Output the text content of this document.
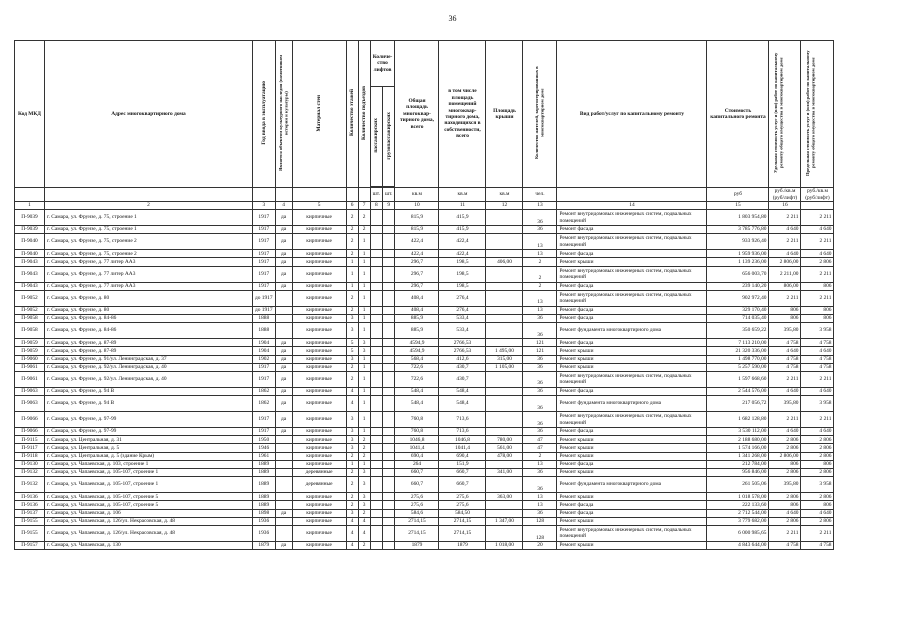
36
Код МКД	Адрес многоквартирного дома	Год ввода в эксплуатацию	Является объектом культурного наследия (памятником истории и культуры)	Материал стен	Количество этажей	Количество подъездов	Количе-ство лифтов		Общая площадь многоквар-тирного дома, всего	в том числе площадь помещений многоквар-тирного дома, находящихся в собственности, всего	Площадь крыши	Количество жителей, зарегистрированных в многоквартирном доме	Вид работ/услуг по капитальному ремонту	Стоимость капитального ремонта	Удельная стоимость услуг и (или) работ по капитальному ремонту общего имущества в многоквартирном доме	Предельная стоимость услуг и (или) работ по капитальному ремонту общего имущества в многоквартирном доме
							пассажирских	грузопассажирских								

							шт.	шт.	кв.м	кв.м	кв.м	чел.		руб	руб./кв.м (руб/лифт)	руб./кв.м (руб/лифт)
1	2	3	4	5	6	7	8	9	10	11	12	13	14	15	16	
П-9039	г. Самара, ул. Фрунзе, д. 75, строение 1	1917	да	кирпичные	2	2			815,9	415,9		36	Ремонт внутридомовых инженерных систем, подвальных помещений	1 803 954,80	2 211	2 211
П-9039	г. Самара, ул. Фрунзе, д. 75, строение 1	1917	да	кирпичные	2	2			815,9	415,9		36	Ремонт фасада	3 785 776,80	4 640	4 640
П-9040	г. Самара, ул. Фрунзе, д. 75, строение 2	1917	да	кирпичные	2	1			422,4	422,4		13	Ремонт внутридомовых инженерных систем, подвальных помещений	933 926,40	2 211	2 211
П-9040	г. Самара, ул. Фрунзе, д. 75, строение 2	1917	да	кирпичные	2	1			422,4	422,4		13	Ремонт фасада	1 959 936,00	4 640	4 640
П-9043	г. Самара, ул. Фрунзе, д. 77 литер АА3	1917	да	кирпичные	1	1			296,7	198,5	406,00	2	Ремонт крыши	1 139 236,00	2 806,00	2 806
П-9043	г. Самара, ул. Фрунзе, д. 77 литер АА3	1917	да	кирпичные	1	1			296,7	198,5		2	Ремонт внутридомовых инженерных систем, подвальных помещений	656 003,70	2 211,00	2 211
П-9043	г. Самара, ул. Фрунзе, д. 77 литер АА3	1917	да	кирпичные	1	1			296,7	198,5		2	Ремонт фасада	239 140,20	806,00	806
П-9052	г. Самара, ул. Фрунзе, д. 80	до 1917		кирпичные	2	1			408,4	276,4		13	Ремонт внутридомовых инженерных систем, подвальных помещений	902 972,40	2 211	2 211
П-9052	г. Самара, ул. Фрунзе, д. 80	до 1917		кирпичные	2	1			408,4	276,4		13	Ремонт фасада	329 170,40	806	806
П-9058	г. Самара, ул. Фрунзе, д. 84-86	1888		кирпичные	3	1			885,9	533,4		36	Ремонт фасада	714 035,40	806	806
П-9058	г. Самара, ул. Фрунзе, д. 84-86	1888		кирпичные	3	1			885,9	533,4		36	Ремонт фундамента многоквартирного дома	350 659,22	395,80	3 958
П-9059	г. Самара, ул. Фрунзе, д. 87-89	1904	да	кирпичные	5	3			4594,9	2766,53		121	Ремонт фасада	7 113 210,00	4 758	4 758
П-9059	г. Самара, ул. Фрунзе, д. 87-89	1904	да	кирпичные	5	3			4594,9	2766,53	1 495,00	121	Ремонт крыши	21 320 336,00	4 640	4 640
П-9060	г. Самара, ул. Фрунзе, д. 91/ул. Ленинградская, д. 37	1902	да	кирпичные	3	1			568,4	412,6	315,00	36	Ремонт крыши	1 498 770,00	4 758	4 758
П-9061	г. Самара, ул. Фрунзе, д. 92/ул. Ленинградская, д. 40	1917	да	кирпичные	2	1			722,6	430,7	1 105,00	36	Ремонт крыши	5 257 590,00	4 758	4 758
П-9061	г. Самара, ул. Фрунзе, д. 92/ул. Ленинградская, д. 40	1917	да	кирпичные	2	1			722,6	430,7		36	Ремонт внутридомовых инженерных систем, подвальных помещений	1 597 668,60	2 211	2 211
П-9063	г. Самара, ул. Фрунзе, д. 94 В	1862	да	кирпичные	4	1			548,4	548,4		36	Ремонт фасада	2 544 576,00	4 640	4 640
П-9063	г. Самара, ул. Фрунзе, д. 94 В	1862	да	кирпичные	4	1			548,4	548,4		36	Ремонт фундамента многоквартирного дома	217 056,72	395,80	3 958
П-9066	г. Самара, ул. Фрунзе, д. 97-99	1917	да	кирпичные	3	1			760,8	713,6		36	Ремонт внутридомовых инженерных систем, подвальных помещений	1 682 128,80	2 211	2 211
П-9066	г. Самара, ул. Фрунзе, д. 97-99	1917	да	кирпичные	3	1			760,8	713,6		36	Ремонт фасада	3 530 112,00	4 640	4 640
П-9115	г. Самара, ул. Центральная, д. 31	1950		кирпичные	3	2			1046,8	1046,8	780,00	47	Ремонт крыши	2 188 680,00	2 806	2 806
П-9117	г. Самара, ул. Центральная, д. 5	1946		кирпичные	3	2			1041,4	1041,4	561,00	47	Ремонт крыши	1 574 166,00	2 806	2 806
П-9118	г. Самара, ул. Центральная, д. 5 (здание Крым)	1961		кирпичные	2	2			690,4	690,4	478,00	2	Ремонт крыши	1 341 268,00	2 806,00	2 806
П-9130	г. Самара, ул. Чапаевская, д. 103, строение 1	1889		кирпичные	1	1			264	151,9		13	Ремонт фасада	212 784,00	806	806
П-9132	г. Самара, ул. Чапаевская, д. 105-107, строение 1	1889		деревянные	2	3			660,7	660,7	341,00	36	Ремонт крыши	956 846,00	2 806	2 806
П-9132	г. Самара, ул. Чапаевская, д. 105-107, строение 1	1889		деревянные	2	3			660,7	660,7		36	Ремонт фундамента многоквартирного дома	261 505,06	395,80	3 958
П-9136	г. Самара, ул. Чапаевская, д. 105-107, строение 5	1889		кирпичные	2	3			275,6	275,6	363,00	13	Ремонт крыши	1 018 578,00	2 806	2 806
П-9136	г. Самара, ул. Чапаевская, д. 105-107, строение 5	1889		кирпичные	2	3			275,6	275,6		13	Ремонт фасада	222 133,60	806	806
П-9137	г. Самара, ул. Чапаевская, д. 106	1898	да	кирпичные	3	2			584,6	584,50		36	Ремонт фасада	2 712 544,00	4 640	4 640
П-9155	г. Самара, ул. Чапаевская, д. 126/ул. Некрасовская, д. 48	1936		кирпичные	4	4			2714,15	2714,15	1 347,00	128	Ремонт крыши	3 779 682,00	2 806	2 806
П-9155	г. Самара, ул. Чапаевская, д. 126/ул. Некрасовская, д. 48	1936		кирпичные	4	4			2714,15	2714,15		128	Ремонт внутридомовых инженерных систем, подвальных помещений	6 000 985,65	2 211	2 211
П-9157	г. Самара, ул. Чапаевская, д. 130	1879	да	кирпичные	4	2			1879	1879	1 018,00	20	Ремонт крыши	4 843 644,00	4 758	4 758
